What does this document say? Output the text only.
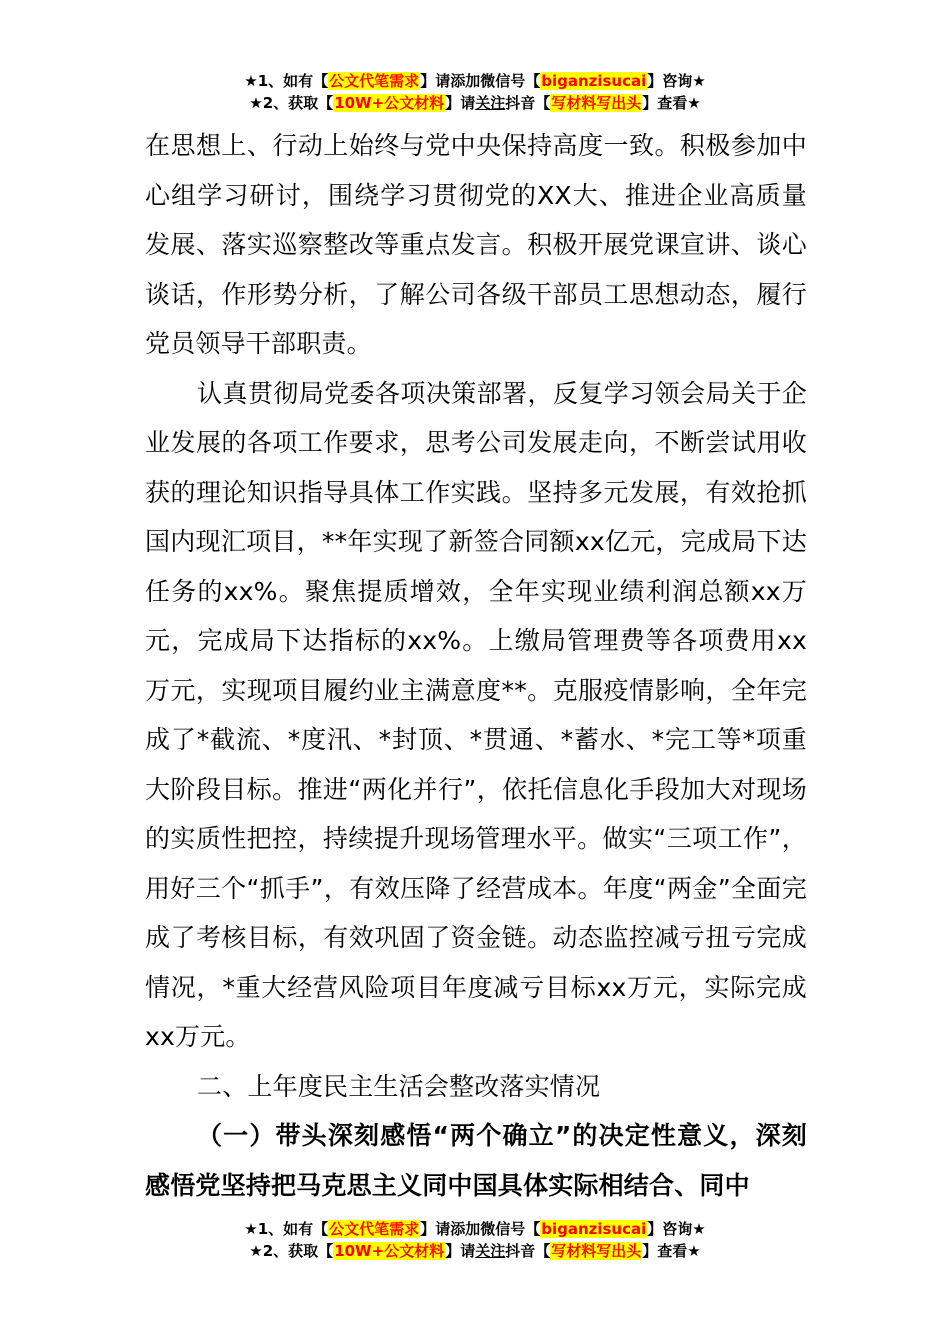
★1、如有【公文代笔需求】请添加微信号【biganzisucai】咨询★
★2、获取【10W+公文材料】请关注抖音【写材料写出头】查看★

在思想上、行动上始终与党中央保持高度一致。积极参加中心组学习研讨，围绕学习贯彻党的XX大、推进企业高质量发展、落实巡察整改等重点发言。积极开展党课宣讲、谈心谈话，作形势分析，了解公司各级干部员工思想动态，履行党员领导干部职责。

认真贯彻局党委各项决策部署，反复学习领会局关于企业发展的各项工作要求，思考公司发展走向，不断尝试用收获的理论知识指导具体工作实践。坚持多元发展，有效抢抓国内现汇项目，**年实现了新签合同额xx亿元，完成局下达任务的xx%。聚焦提质增效，全年实现业绩利润总额xx万元，完成局下达指标的xx%。上缴局管理费等各项费用xx万元，实现项目履约业主满意度**。克服疫情影响，全年完成了*截流、*度汛、*封顶、*贯通、*蓄水、*完工等*项重大阶段目标。推进“两化并行”，依托信息化手段加大对现场的实质性把控，持续提升现场管理水平。做实“三项工作”，用好三个“抓手”，有效压降了经营成本。年度“两金”全面完成了考核目标，有效巩固了资金链。动态监控减亏扭亏完成情况，*重大经营风险项目年度减亏目标xx万元，实际完成xx万元。

二、上年度民主生活会整改落实情况

（一）带头深刻感悟“两个确立”的决定性意义，深刻感悟党坚持把马克思主义同中国具体实际相结合、同中

★1、如有【公文代笔需求】请添加微信号【biganzisucai】咨询★
★2、获取【10W+公文材料】请关注抖音【写材料写出头】查看★
